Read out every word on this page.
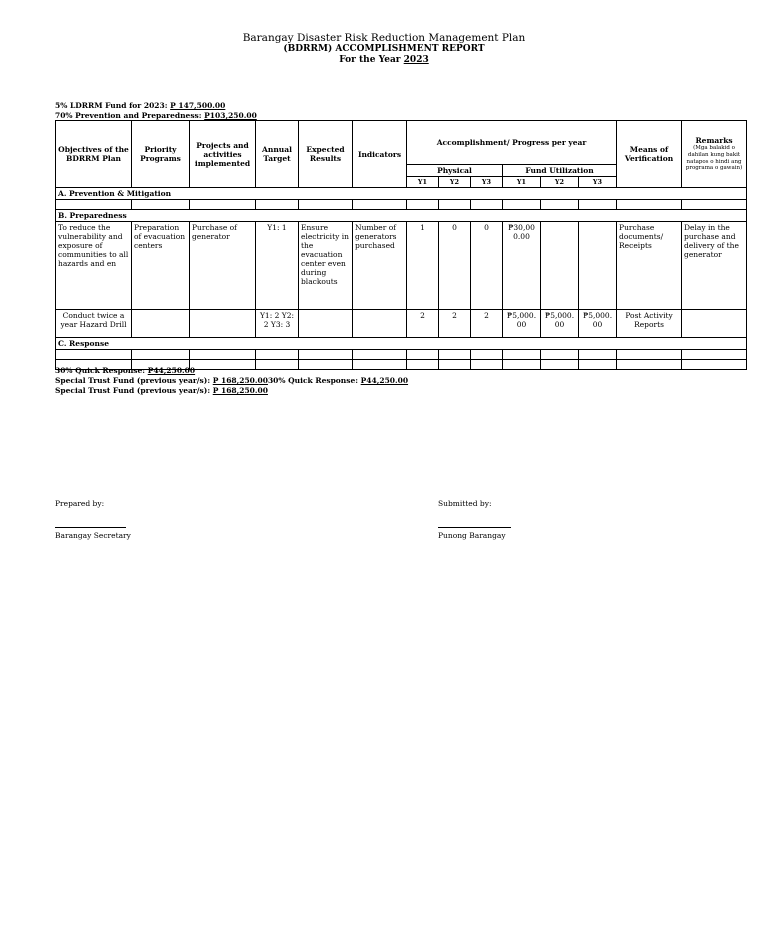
Barangay Disaster Risk Reduction Management Plan
(BDRRM) ACCOMPLISHMENT REPORT
For the Year 2023
5% LDRRM Fund for 2023: P 147,500.00
70% Prevention and Preparedness: P103,250.00
Objectives of the BDRRM Plan	Priority Programs	Projects and activities implemented	Annual Target	Expected Results	Indicators	Accomplishment/ Progress per year						Means of Verification	Remarks
(Mga balakid o dahilan kung bakit natapos o hindi ang programa o gawain)

						Physical			Fund Utilization				
						Y1	Y2	Y3	Y1	Y2	Y3		
A. Prevention & Mitigation													

B. Preparedness													
To reduce the vulnerability and exposure of communities to all hazards and en	Preparation of evacuation centers	Purchase of generator	Y1: 1	Ensure electricity in the evacuation center even during blackouts	Number of generators purchased	1	0	0	₱30,000.00			Purchase documents/ Receipts	Delay in the purchase and delivery of the generator
Conduct twice a year Hazard Drill			Y1: 2 Y2: 2 Y3: 3			2	2	2	₱5,000.00	₱5,000.00	₱5,000.00	Post Activity Reports	
C. Response													

30% Quick Response: P44,250.00
Special Trust Fund (previous year/s): P 168,250.0030% Quick Response: P44,250.00
Special Trust Fund (previous year/s): P 168,250.00
Prepared by:
Barangay Secretary
Submitted by:
Punong Barangay
